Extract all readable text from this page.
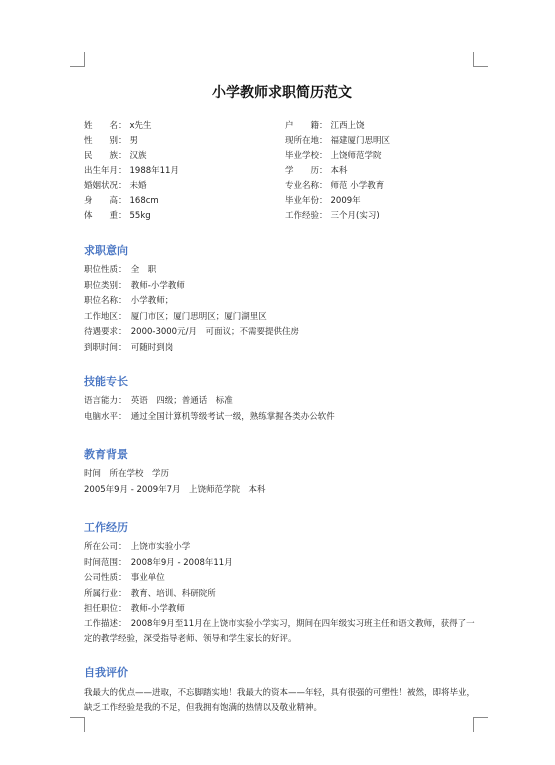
小学教师求职简历范文
姓　　名： x先生
性　　别： 男
民　　族： 汉族
出生年月： 1988年11月
婚姻状况： 未婚
身　　高： 168cm
体　　重： 55kg
户　　籍： 江西上饶
现所在地： 福建厦门思明区
毕业学校： 上饶师范学院
学　　历： 本科
专业名称： 师范 小学教育
毕业年份： 2009年
工作经验： 三个月(实习)
求职意向
职位性质：　全　职
职位类别：　教师-小学教师
职位名称：　小学教师；
工作地区：　厦门市区；厦门思明区；厦门湖里区
待遇要求：　2000-3000元/月　可面议；不需要提供住房
到职时间：　可随时到岗
技能专长
语言能力：　英语　四级；普通话　标准
电脑水平：　通过全国计算机等级考试一级，熟练掌握各类办公软件
教育背景
时间　所在学校　学历
2005年9月 - 2009年7月　上饶师范学院　本科
工作经历
所在公司：　上饶市实验小学
时间范围：　2008年9月 - 2008年11月
公司性质：　事业单位
所属行业：　教育、培训、科研院所
担任职位：　教师-小学教师
工作描述：　2008年9月至11月在上饶市实验小学实习，期间在四年级实习班主任和语文教师，获得了一定的教学经验，深受指导老师、领导和学生家长的好评。
自我评价
我最大的优点——进取，不忘脚踏实地！我最大的资本——年轻，具有很强的可塑性！被然，即将毕业，缺乏工作经验是我的不足，但我拥有饱满的热情以及敬业精神。
